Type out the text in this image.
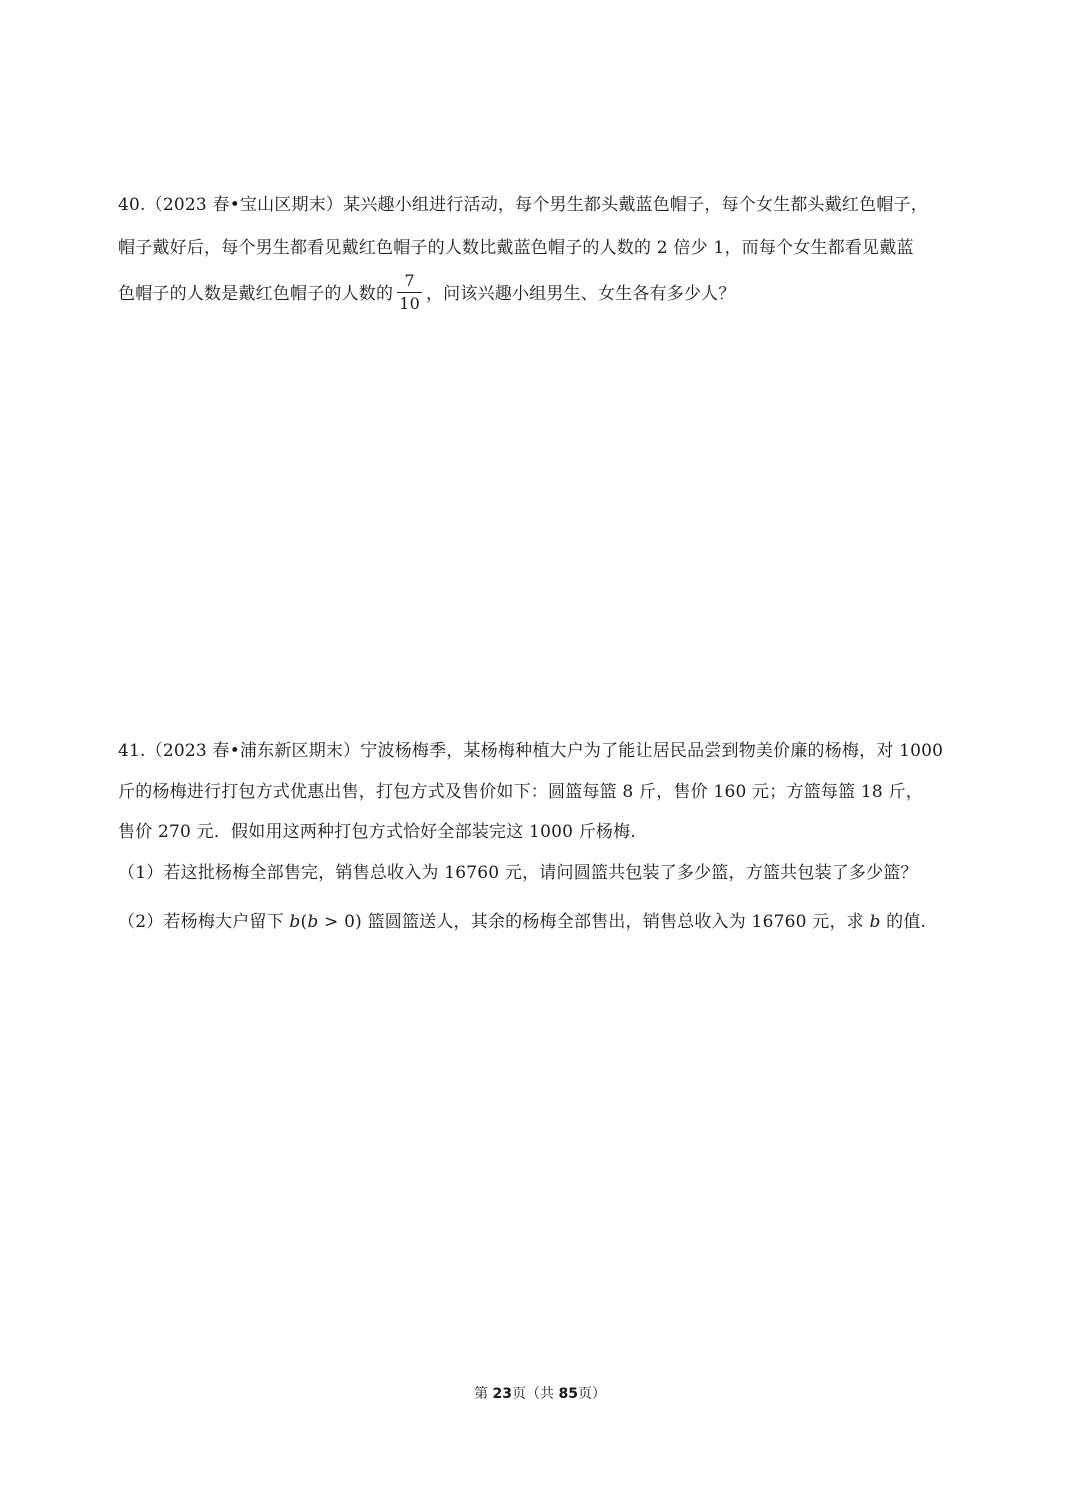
40.（2023 春•宝山区期末）某兴趣小组进行活动，每个男生都头戴蓝色帽子，每个女生都头戴红色帽子，
帽子戴好后，每个男生都看见戴红色帽子的人数比戴蓝色帽子的人数的 2 倍少 1，而每个女生都看见戴蓝
色帽子的人数是戴红色帽子的人数的 $\frac{7}{10}$ ，问该兴趣小组男生、女生各有多少人？
41.（2023 春•浦东新区期末）宁波杨梅季，某杨梅种植大户为了能让居民品尝到物美价廉的杨梅，对 1000
斤的杨梅进行打包方式优惠出售，打包方式及售价如下：圆篮每篮 8 斤，售价 160 元；方篮每篮 18 斤，
售价 270 元．假如用这两种打包方式恰好全部装完这 1000 斤杨梅.
（1）若这批杨梅全部售完，销售总收入为 16760 元，请问圆篮共包装了多少篮，方篮共包装了多少篮？
（2）若杨梅大户留下 b(b > 0) 篮圆篮送人，其余的杨梅全部售出，销售总收入为 16760 元，求 b 的值.
第 23页（共 85页）
